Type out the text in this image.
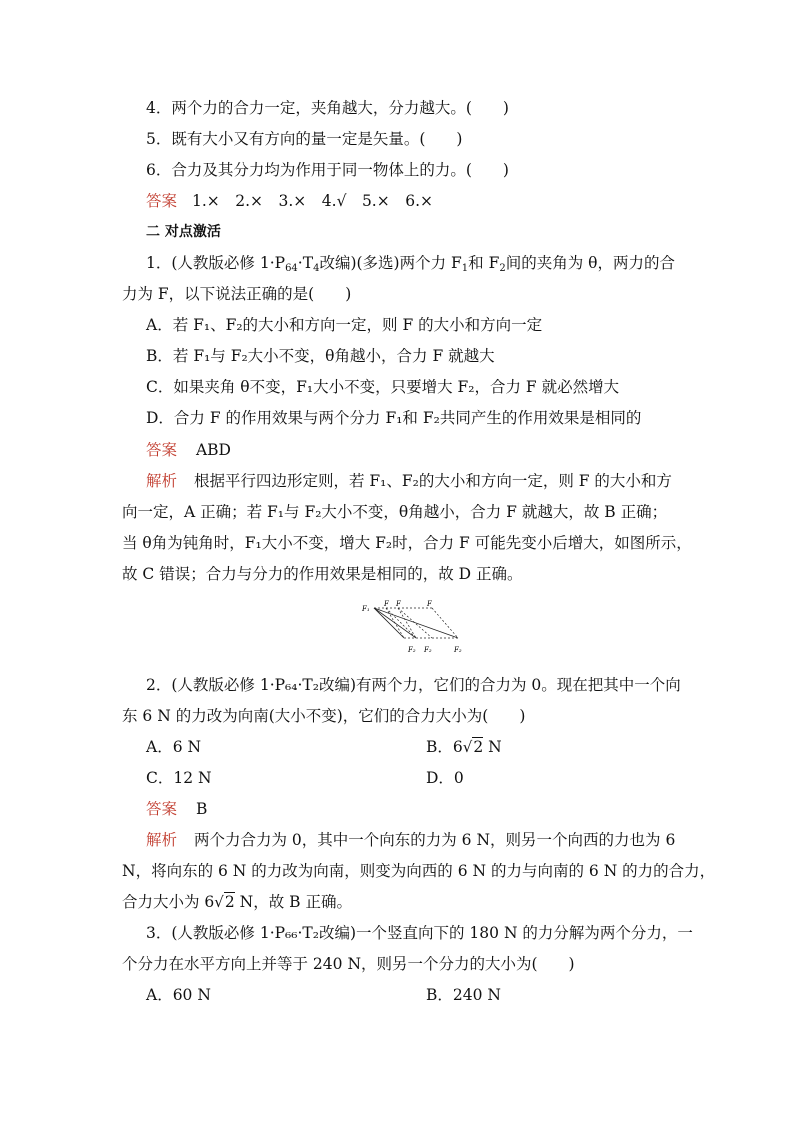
4．两个力的合力一定，夹角越大，分力越大。(　　)
5．既有大小又有方向的量一定是矢量。(　　)
6．合力及其分力均为作用于同一物体上的力。(　　)
答案 1.×　2.×　3.×　4.√　5.×　6.×
二 对点激活
1．(人教版必修 $1\cdot P_{64}\cdot T_4$改编)(多选)两个力 $F_1$和 $F_2$间的夹角为 θ，两力的合
力为 F，以下说法正确的是(　　)
A．若 F₁、F₂的大小和方向一定，则 F 的大小和方向一定
B．若 F₁与 F₂大小不变，θ角越小，合力 F 就越大
C．如果夹角 θ不变，F₁大小不变，只要增大 F₂，合力 F 就必然增大
D．合力 F 的作用效果与两个分力 F₁和 F₂共同产生的作用效果是相同的
答案 ABD
解析 根据平行四边形定则，若 F₁、F₂的大小和方向一定，则 F 的大小和方
向一定，A 正确；若 F₁与 F₂大小不变，θ角越小，合力 F 就越大，故 B 正确；
当 θ角为钝角时，F₁大小不变，增大 F₂时，合力 F 可能先变小后增大，如图所示，
故 C 错误；合力与分力的作用效果是相同的，故 D 正确。
F₁
F F	F
F₂ F₂	F₂
2．(人教版必修 1·P₆₄·T₂改编)有两个力，它们的合力为 0。现在把其中一个向
东 6 N 的力改为向南(大小不变)，它们的合力大小为(　　)
A．6 N	B．6√2 N
C．12 N	D．0
答案 B
解析 两个力合力为 0，其中一个向东的力为 6 N，则另一个向西的力也为 6
N，将向东的 6 N 的力改为向南，则变为向西的 6 N 的力与向南的 6 N 的力的合力，
合力大小为 6√2 N，故 B 正确。
3．(人教版必修 1·P₆₆·T₂改编)一个竖直向下的 180 N 的力分解为两个分力，一
个分力在水平方向上并等于 240 N，则另一个分力的大小为(　　)
A．60 N	B．240 N
